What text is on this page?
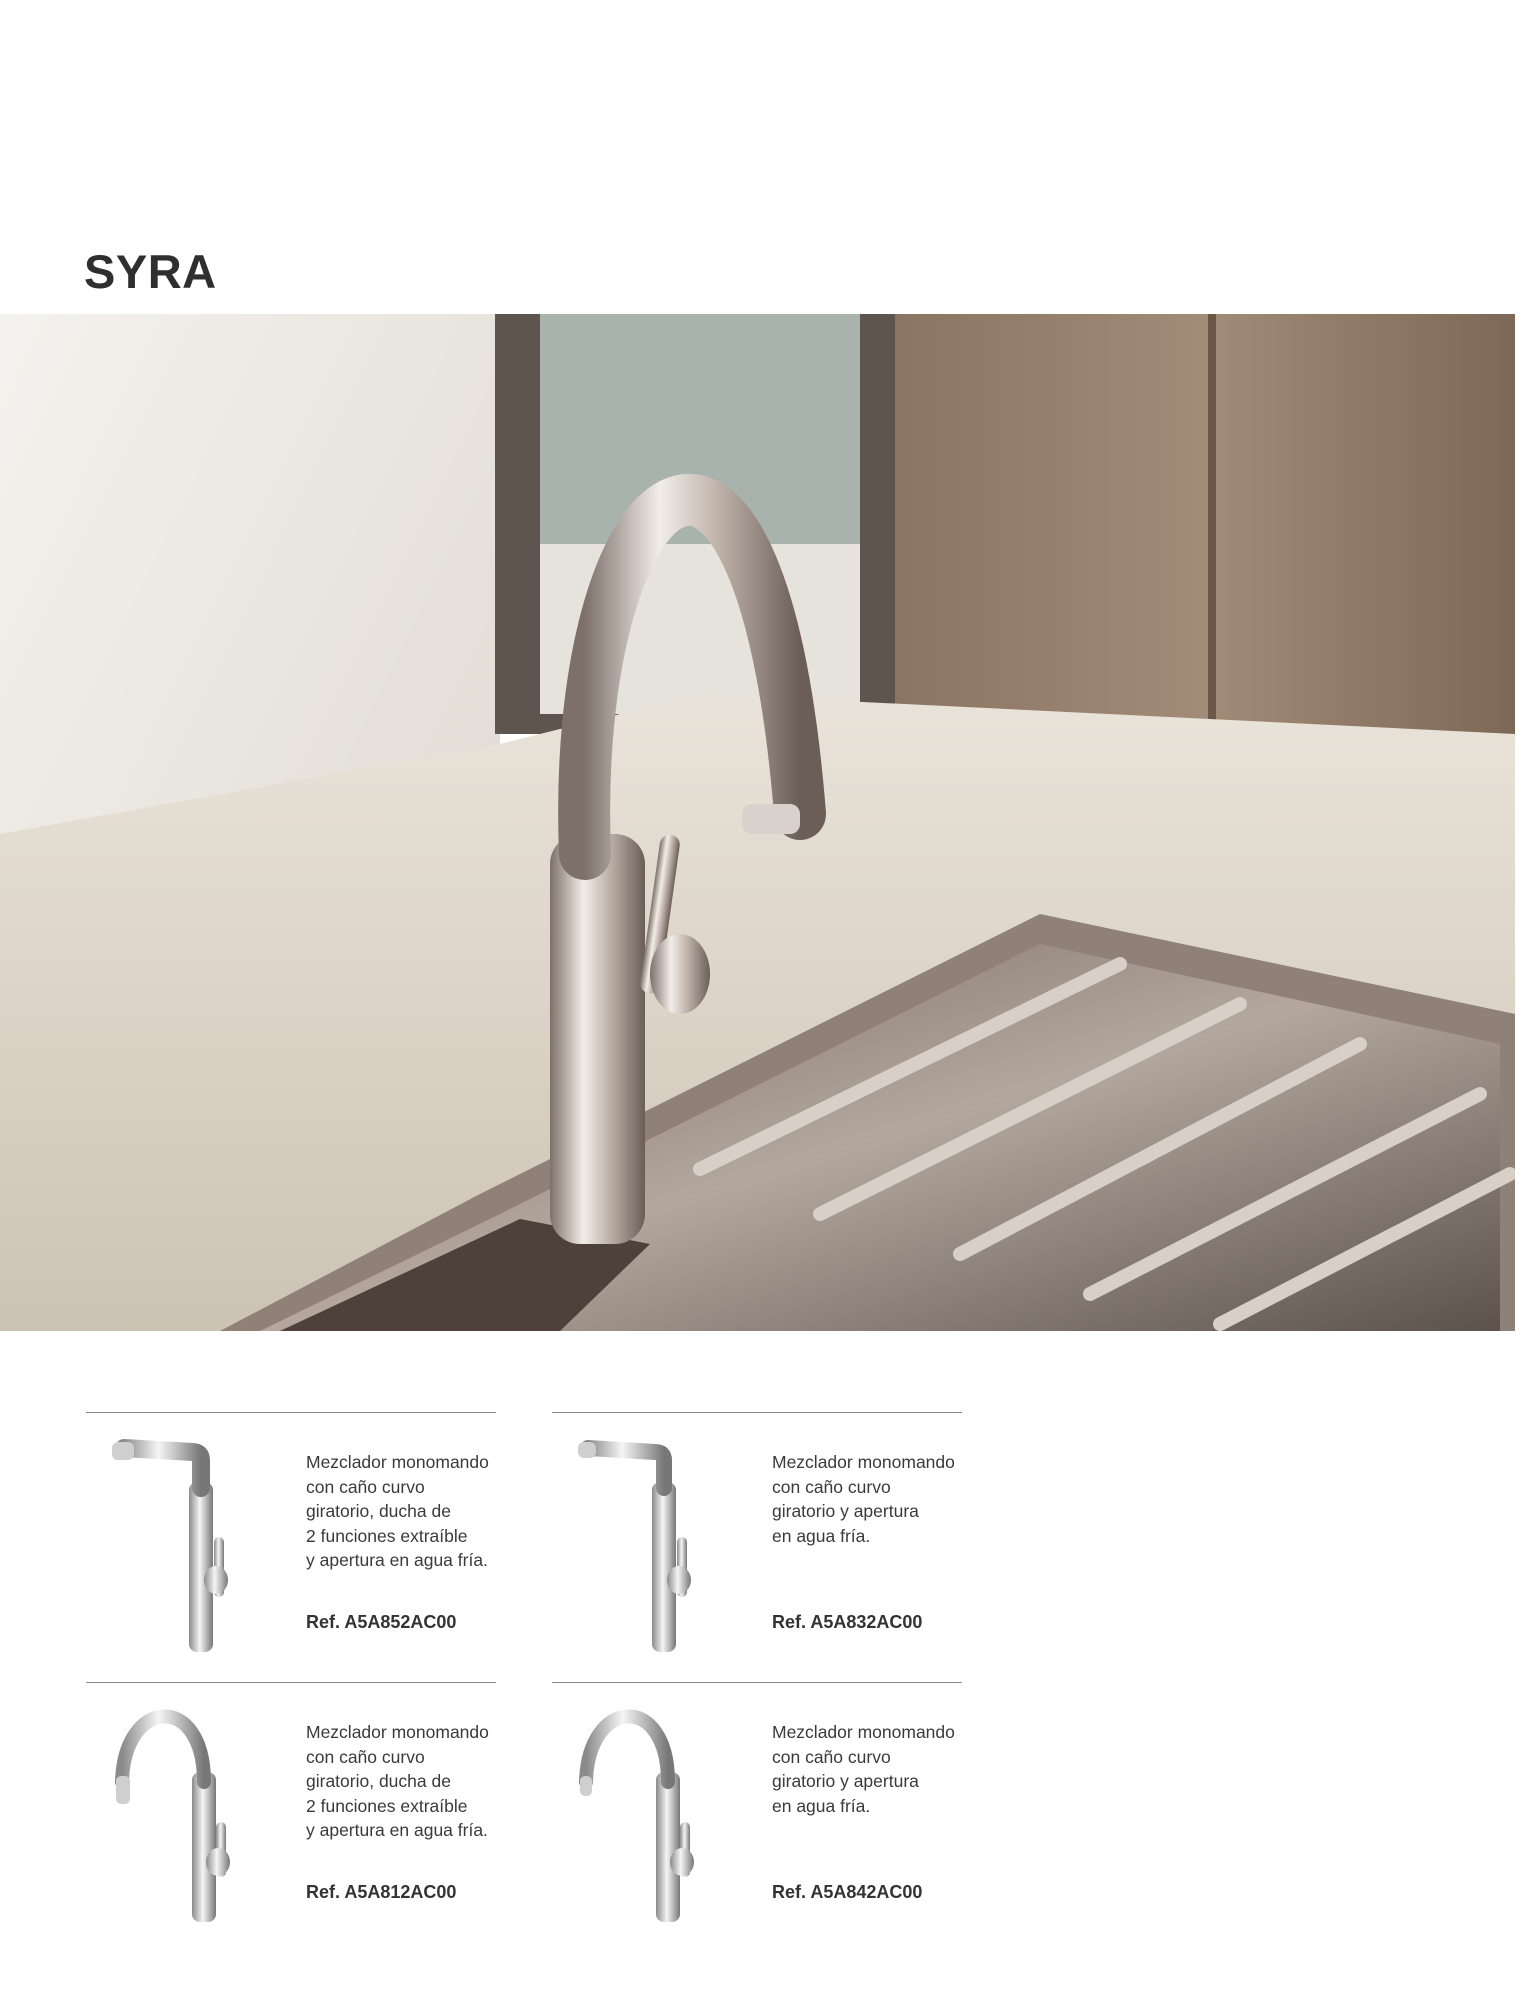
SYRA
Mezclador monomando
con caño curvo
giratorio, ducha de
2 funciones extraíble
y apertura en agua fría.
Ref. A5A852AC00
Mezclador monomando
con caño curvo
giratorio y apertura
en agua fría.
Ref. A5A832AC00
Mezclador monomando
con caño curvo
giratorio, ducha de
2 funciones extraíble
y apertura en agua fría.
Ref. A5A812AC00
Mezclador monomando
con caño curvo
giratorio y apertura
en agua fría.
Ref. A5A842AC00
